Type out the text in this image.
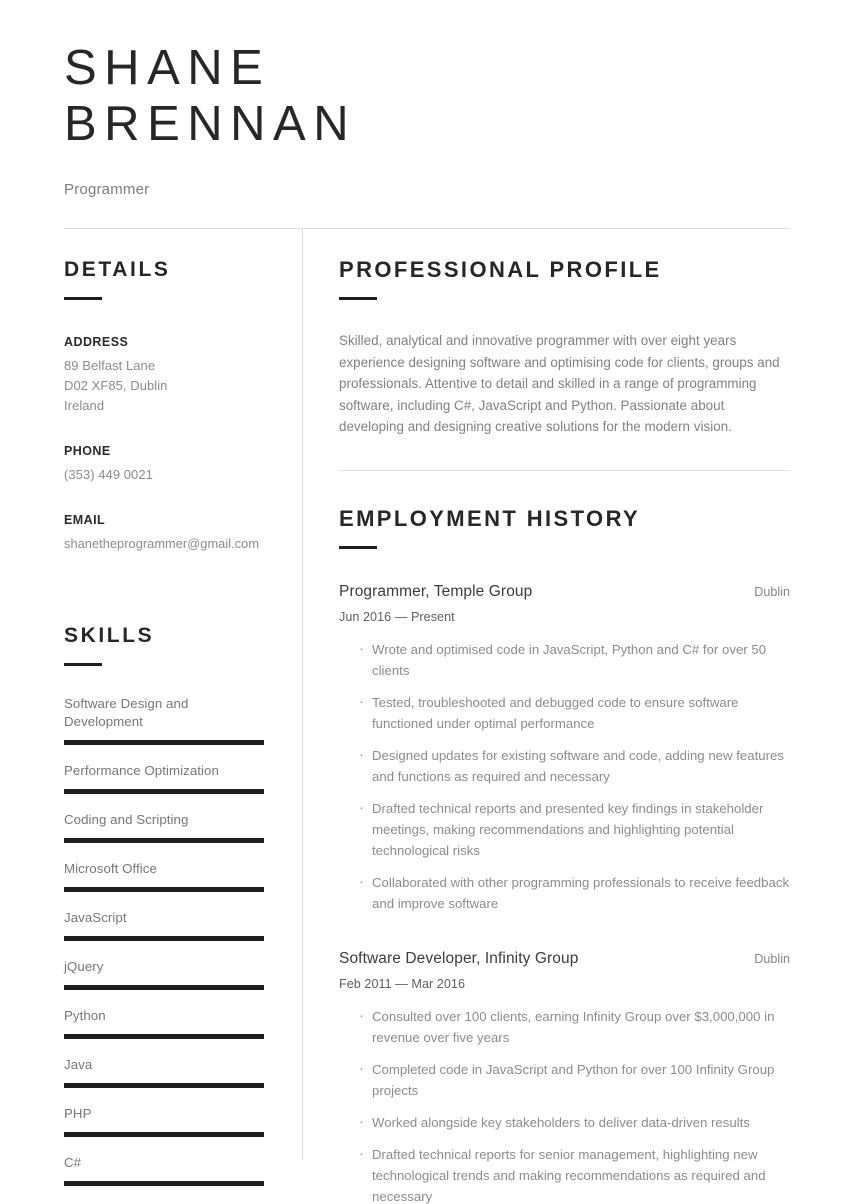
SHANE
BRENNAN
Programmer
DETAILS
ADDRESS
89 Belfast Lane
D02 XF85, Dublin
Ireland
PHONE
(353) 449 0021
EMAIL
shanetheprogrammer@gmail.com
SKILLS
Software Design and Development
Performance Optimization
Coding and Scripting
Microsoft Office
JavaScript
jQuery
Python
Java
PHP
C#
PROFESSIONAL PROFILE
Skilled, analytical and innovative programmer with over eight years experience designing software and optimising code for clients, groups and professionals. Attentive to detail and skilled in a range of programming software, including C#, JavaScript and Python. Passionate about developing and designing creative solutions for the modern vision.
EMPLOYMENT HISTORY
Programmer, Temple Group	Dublin
Jun 2016 — Present
· Wrote and optimised code in JavaScript, Python and C# for over 50 clients
· Tested, troubleshooted and debugged code to ensure software functioned under optimal performance
· Designed updates for existing software and code, adding new features and functions as required and necessary
· Drafted technical reports and presented key findings in stakeholder meetings, making recommendations and highlighting potential technological risks
· Collaborated with other programming professionals to receive feedback and improve software
Software Developer, Infinity Group	Dublin
Feb 2011 — Mar 2016
· Consulted over 100 clients, earning Infinity Group over $3,000,000 in revenue over five years
· Completed code in JavaScript and Python for over 100 Infinity Group projects
· Worked alongside key stakeholders to deliver data-driven results
· Drafted technical reports for senior management, highlighting new technological trends and making recommendations as required and necessary
